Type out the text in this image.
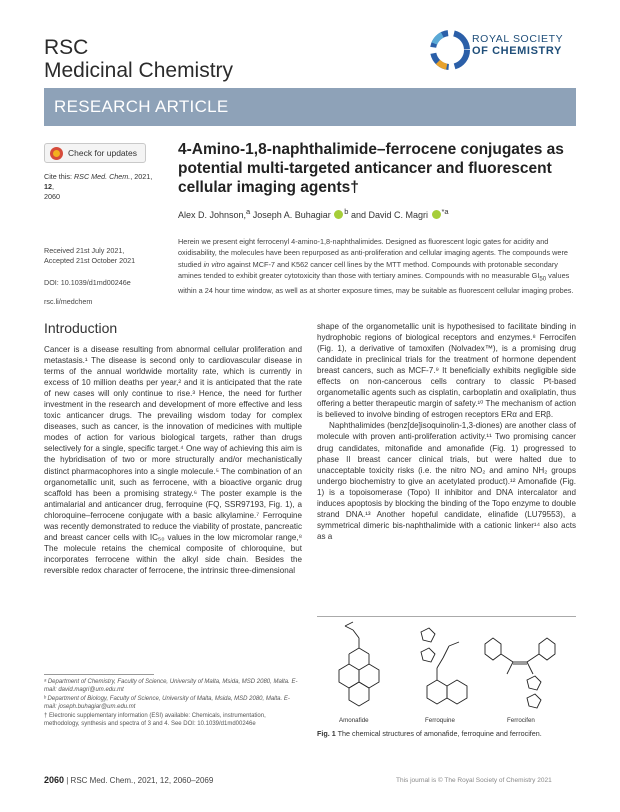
RSC
Medicinal Chemistry
ROYAL SOCIETY
OF CHEMISTRY
RESEARCH ARTICLE
Check for updates
Cite this: RSC Med. Chem., 2021, 12,
2060
Received 21st July 2021,
Accepted 21st October 2021
DOI: 10.1039/d1md00246e
rsc.li/medchem
4-Amino-1,8-naphthalimide–ferrocene conjugates as potential multi-targeted anticancer and fluorescent cellular imaging agents†
Alex D. Johnson,$^a$ Joseph A. Buhagiar $^b$ and David C. Magri $^{*a}$
Herein we present eight ferrocenyl 4-amino-1,8-naphthalimides. Designed as fluorescent logic gates for acidity and oxidisability, the molecules have been repurposed as anti-proliferation and cellular imaging agents. The compounds were studied in vitro against MCF-7 and K562 cancer cell lines by the MTT method. Compounds with protonable secondary amines tended to exhibit greater cytotoxicity than those with tertiary amines. Compounds with no measurable $GI_{50}$ values within a 24 hour time window, as well as at shorter exposure times, may be suitable as fluorescent cellular imaging probes.
Introduction
Cancer is a disease resulting from abnormal cellular proliferation and metastasis.¹ The disease is second only to cardiovascular disease in terms of the annual worldwide mortality rate, which is currently in excess of 10 million deaths per year,² and it is anticipated that the rate of new cases will only continue to rise.³ Hence, the need for further investment in the research and development of more effective and less toxic anticancer drugs. The prevailing wisdom today for complex diseases, such as cancer, is the innovation of medicines with multiple modes of action for various biological targets, rather than drugs selectively for a single, specific target.⁴ One way of achieving this aim is the hybridisation of two or more structurally and/or mechanistically distinct pharmacophores into a single molecule.⁵ The combination of an organometallic unit, such as ferrocene, with a bioactive organic drug scaffold has been a promising strategy.⁶ The poster example is the antimalarial and anticancer drug, ferroquine (FQ, SSR97193, Fig. 1), a chloroquine–ferrocene conjugate with a basic alkylamine.⁷ Ferroquine was recently demonstrated to reduce the viability of prostate, pancreatic and breast cancer cells with IC₅₀ values in the low micromolar range,⁸ The molecule retains the chemical composite of chloroquine, but incorporates ferrocene within the alkyl side chain. Besides the reversible redox character of ferrocene, the intrinsic three-dimensional
shape of the organometallic unit is hypothesised to facilitate binding in hydrophobic regions of biological receptors and enzymes.⁸ Ferrocifen (Fig. 1), a derivative of tamoxifen (Nolvadex™), is a promising drug candidate in preclinical trials for the treatment of hormone dependent breast cancers, such as MCF-7.⁹ It beneficially exhibits negligible side effects on non-cancerous cells contrary to classic Pt-based organometallic agents such as cisplatin, carboplatin and oxaliplatin, thus offering a better therapeutic margin of safety.¹⁰ The mechanism of action is believed to involve binding of estrogen receptors ERα and ERβ.
Naphthalimides (benz[de]isoquinolin-1,3-diones) are another class of molecule with proven anti-proliferation activity.¹¹ Two promising cancer drug candidates, mitonafide and amonafide (Fig. 1) progressed to phase II breast cancer clinical trials, but were halted due to unacceptable toxicity risks (i.e. the nitro NO₂ and amino NH₂ groups undergo biochemistry to give an acetylated product).¹² Amonafide (Fig. 1) is a topoisomerase (Topo) II inhibitor and DNA intercalator and induces apoptosis by blocking the binding of the Topo enzyme to double strand DNA.¹³ Another hopeful candidate, elinafide (LU79553), a symmetrical dimeric bis-naphthalimide with a cationic linker¹⁴ also acts as a
ᵃ Department of Chemistry, Faculty of Science, University of Malta, Msida, MSD 2080, Malta. E-mail: david.magri@um.edu.mt
ᵇ Department of Biology, Faculty of Science, University of Malta, Msida, MSD 2080, Malta. E-mail: joseph.buhagiar@um.edu.mt
† Electronic supplementary information (ESI) available: Chemicals, instrumentation, methodology, synthesis and spectra of 3 and 4. See DOI: 10.1039/d1md00246e
Amonafide	Ferroquine	Ferrocifen
Fig. 1 The chemical structures of amonafide, ferroquine and ferrocifen.
2060 | RSC Med. Chem., 2021, 12, 2060–2069	This journal is © The Royal Society of Chemistry 2021
